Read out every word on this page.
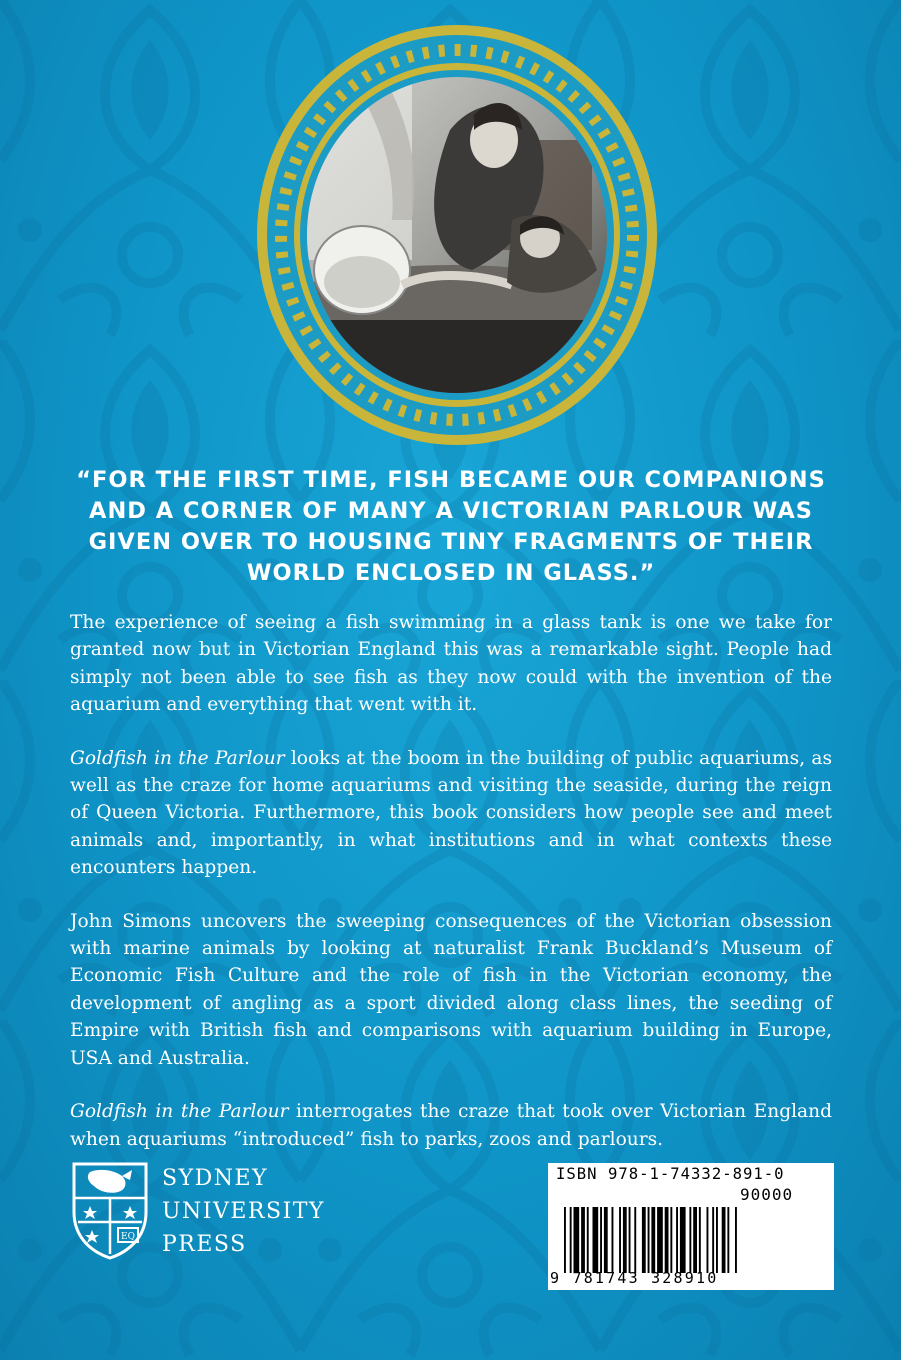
“FOR THE FIRST TIME, FISH BECAME OUR COMPANIONS AND A CORNER OF MANY A VICTORIAN PARLOUR WAS GIVEN OVER TO HOUSING TINY FRAGMENTS OF THEIR WORLD ENCLOSED IN GLASS.”

The experience of seeing a fish swimming in a glass tank is one we take for granted now but in Victorian England this was a remarkable sight. People had simply not been able to see fish as they now could with the invention of the aquarium and everything that went with it.

Goldfish in the Parlour looks at the boom in the building of public aquariums, as well as the craze for home aquariums and visiting the seaside, during the reign of Queen Victoria. Furthermore, this book considers how people see and meet animals and, importantly, in what institutions and in what contexts these encounters happen.

John Simons uncovers the sweeping consequences of the Victorian obsession with marine animals by looking at naturalist Frank Buckland’s Museum of Economic Fish Culture and the role of fish in the Victorian economy, the development of angling as a sport divided along class lines, the seeding of Empire with British fish and comparisons with aquarium building in Europe, USA and Australia.

Goldfish in the Parlour interrogates the craze that took over Victorian England when aquariums “introduced” fish to parks, zoos and parlours.

EQ
SYDNEY
UNIVERSITY
PRESS
ISBN 978-1-74332-891-0
90000
9 781743 328910
